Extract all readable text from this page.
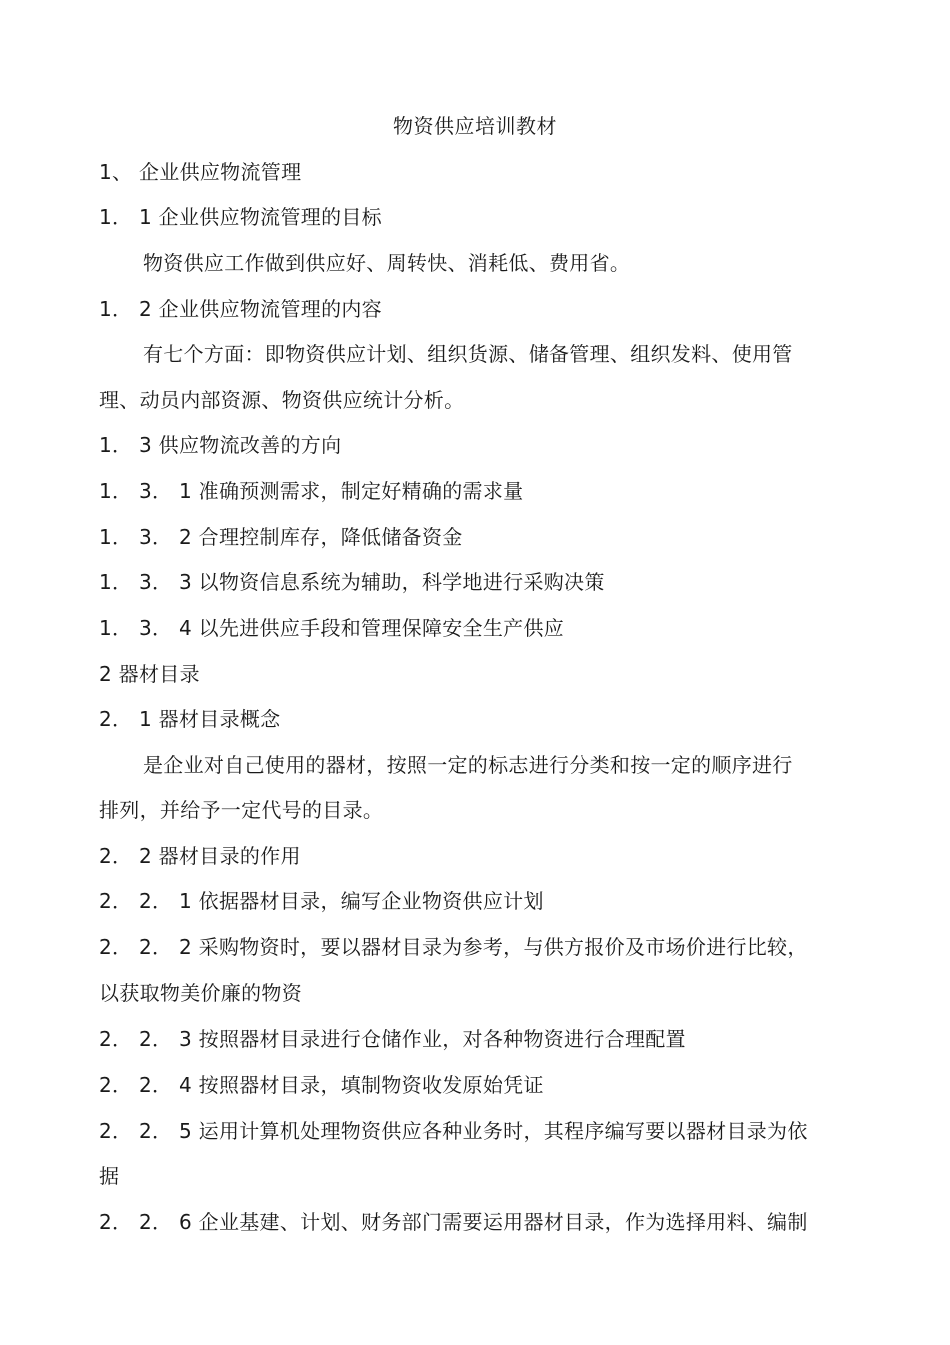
物资供应培训教材
1、 企业供应物流管理
1． 1 企业供应物流管理的目标
物资供应工作做到供应好、周转快、消耗低、费用省。
1． 2 企业供应物流管理的内容
有七个方面：即物资供应计划、组织货源、储备管理、组织发料、使用管
理、动员内部资源、物资供应统计分析。
1． 3 供应物流改善的方向
1． 3． 1 准确预测需求，制定好精确的需求量
1． 3． 2 合理控制库存，降低储备资金
1． 3． 3 以物资信息系统为辅助，科学地进行采购决策
1． 3． 4 以先进供应手段和管理保障安全生产供应
2 器材目录
2． 1 器材目录概念
是企业对自己使用的器材，按照一定的标志进行分类和按一定的顺序进行
排列，并给予一定代号的目录。
2． 2 器材目录的作用
2． 2． 1 依据器材目录，编写企业物资供应计划
2． 2． 2 采购物资时，要以器材目录为参考，与供方报价及市场价进行比较，
以获取物美价廉的物资
2． 2． 3 按照器材目录进行仓储作业，对各种物资进行合理配置
2． 2． 4 按照器材目录，填制物资收发原始凭证
2． 2． 5 运用计算机处理物资供应各种业务时，其程序编写要以器材目录为依
据
2． 2． 6 企业基建、计划、财务部门需要运用器材目录，作为选择用料、编制
